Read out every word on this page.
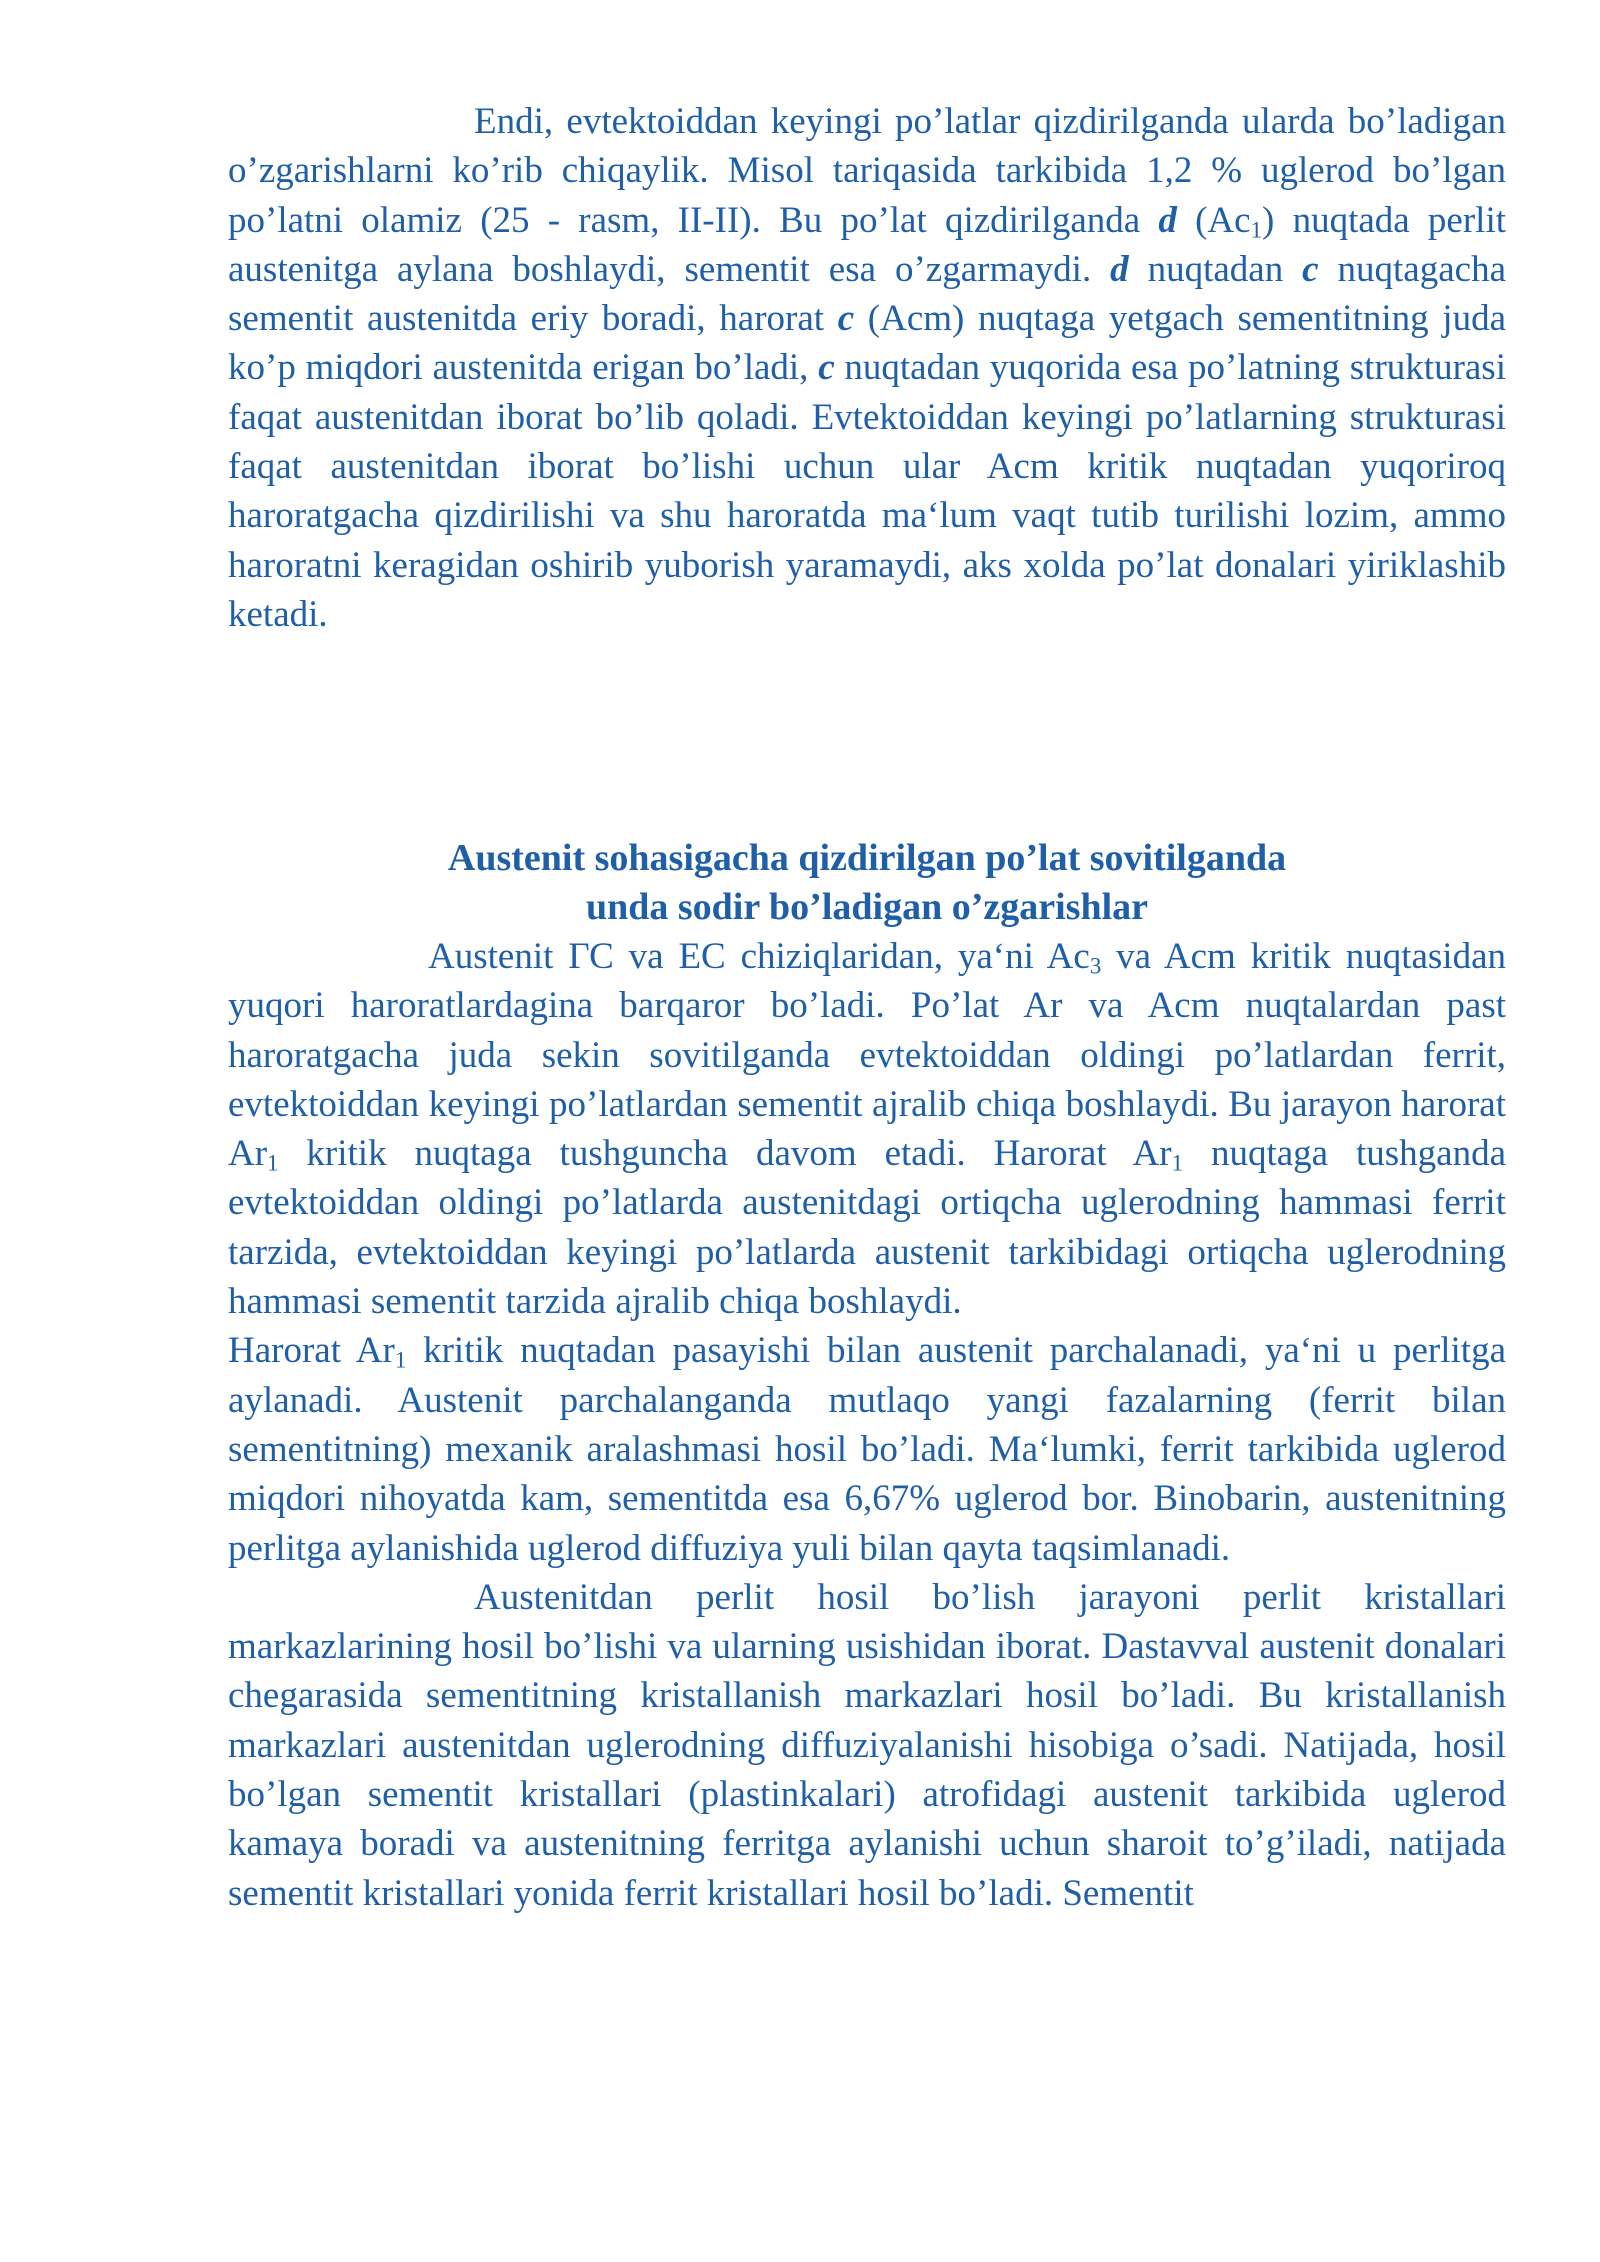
Endi, evtektoiddan keyingi po’latlar qizdirilganda ularda bo’ladigan o’zgarishlarni ko’rib chiqaylik. Misol tariqasida tarkibida 1,2 % uglerod bo’lgan po’latni olamiz (25 - rasm, II-II). Bu po’lat qizdirilganda d $(Ac_1)$ nuqtada perlit austenitga aylana boshlaydi, sementit esa o’zgarmaydi. d nuqtadan c nuqtagacha sementit austenitda eriy boradi, harorat c (Acm) nuqtaga yetgach sementitning juda ko’p miqdori austenitda erigan bo’ladi, c nuqtadan yuqorida esa po’latning strukturasi faqat austenitdan iborat bo’lib qoladi. Evtektoiddan keyingi po’latlarning strukturasi faqat austenitdan iborat bo’lishi uchun ular Acm kritik nuqtadan yuqoriroq haroratgacha qizdirilishi va shu haroratda ma‘lum vaqt tutib turilishi lozim, ammo haroratni keragidan oshirib yuborish yaramaydi, aks xolda po’lat donalari yiriklashib ketadi.

Austenit sohasigacha qizdirilgan po’lat sovitilganda
unda sodir bo’ladigan o’zgarishlar

Austenit ГС va ЕС chiziqlaridan, ya‘ni $Ac_3$ va Acm kritik nuqtasidan yuqori haroratlardagina barqaror bo’ladi. Po’lat Ar va Acm nuqtalardan past haroratgacha juda sekin sovitilganda evtektoiddan oldingi po’latlardan ferrit, evtektoiddan keyingi po’latlardan sementit ajralib chiqa boshlaydi. Bu jarayon harorat $Ar_1$ kritik nuqtaga tushguncha davom etadi. Harorat $Ar_1$ nuqtaga tushganda evtektoiddan oldingi po’latlarda austenitdagi ortiqcha uglerodning hammasi ferrit tarzida, evtektoiddan keyingi po’latlarda austenit tarkibidagi ortiqcha uglerodning hammasi sementit tarzida ajralib chiqa boshlaydi.

Harorat $Ar_1$ kritik nuqtadan pasayishi bilan austenit parchalanadi, ya‘ni u perlitga aylanadi. Austenit parchalanganda mutlaqo yangi fazalarning (ferrit bilan sementitning) mexanik aralashmasi hosil bo’ladi. Ma‘lumki, ferrit tarkibida uglerod miqdori nihoyatda kam, sementitda esa 6,67% uglerod bor. Binobarin, austenitning perlitga aylanishida uglerod diffuziya yuli bilan qayta taqsimlanadi.

Austenitdan perlit hosil bo’lish jarayoni perlit kristallari markazlarining hosil bo’lishi va ularning usishidan iborat. Dastavval austenit donalari chegarasida sementitning kristallanish markazlari hosil bo’ladi. Bu kristallanish markazlari austenitdan uglerodning diffuziyalanishi hisobiga o’sadi. Natijada, hosil bo’lgan sementit kristallari (plastinkalari) atrofidagi austenit tarkibida uglerod kamaya boradi va austenitning ferritga aylanishi uchun sharoit to’g’iladi, natijada sementit kristallari yonida ferrit kristallari hosil bo’ladi. Sementit
